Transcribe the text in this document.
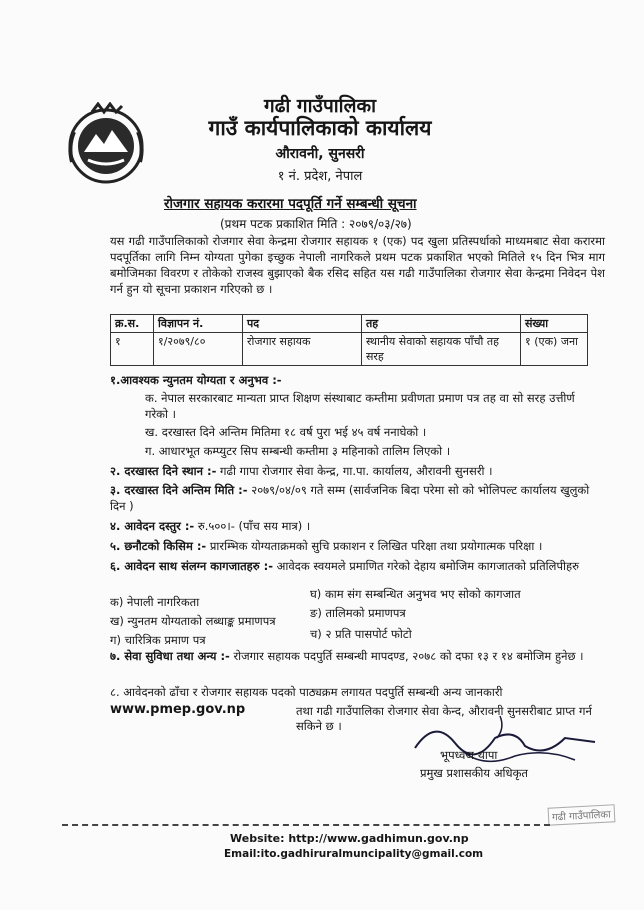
गढी गाउँपालिका
गाउँ कार्यपालिकाको कार्यालय
औरावनी, सुनसरी
१ नं. प्रदेश, नेपाल
रोजगार सहायक करारमा पदपूर्ति गर्ने सम्बन्धी सूचना
(प्रथम पटक प्रकाशित मिति : २०७९/०३/२७)
यस गढी गाउँपालिकाको रोजगार सेवा केन्द्रमा रोजगार सहायक १ (एक) पद खुला प्रतिस्पर्धाको माध्यमबाट सेवा करारमा पदपूर्तिका लागि निम्न योग्यता पुगेका इच्छुक नेपाली नागरिकले प्रथम पटक प्रकाशित भएको मितिले १५ दिन भित्र माग बमोजिमका विवरण र तोकेको राजस्व बुझाएको बैक रसिद सहित यस गढी गाउँपालिका रोजगार सेवा केन्द्रमा निवेदन पेश गर्न हुन यो सूचना प्रकाशन गरिएको छ ।
क्र.स.	विज्ञापन नं.	पद	तह	संख्या
१	१/२०७९/८०	रोजगार सहायक	स्थानीय सेवाको सहायक पाँचौ तह सरह	१ (एक) जना
१.आवश्यक न्युनतम योग्यता र अनुभव :-
क. नेपाल सरकारबाट मान्यता प्राप्त शिक्षण संस्थाबाट कम्तीमा प्रवीणता प्रमाण पत्र तह वा सो सरह उत्तीर्ण गरेको ।
ख. दरखास्त दिने अन्तिम मितिमा १८ वर्ष पुरा भई ४५ वर्ष ननाघेको ।
ग. आधारभूत कम्प्युटर सिप सम्बन्धी कम्तीमा ३ महिनाको तालिम लिएको ।
२. दरखास्त दिने स्थान :- गढी गापा रोजगार सेवा केन्द्र, गा.पा. कार्यालय, औरावनी सुनसरी ।
३. दरखास्त दिने अन्तिम मिति :- २०७९/०४/०९ गते सम्म (सार्वजनिक बिदा परेमा सो को भोलिपल्ट कार्यालय खुलुको दिन )
४. आवेदन दस्तुर :- रु.५००।- (पाँच सय मात्र) ।
५. छनौटको किसिम :- प्रारम्भिक योग्यताक्रमको सुचि प्रकाशन र लिखित परिक्षा तथा प्रयोगात्मक परिक्षा ।
६. आवेदन साथ संलग्न कागजातहरु :- आवेदक स्वयमले प्रमाणित गरेको देहाय बमोजिम कागजातको प्रतिलिपीहरु
क) नेपाली नागरिकता
ख) न्युनतम योग्यताको लब्धाङ्क प्रमाणपत्र
ग) चारित्रिक प्रमाण पत्र
घ) काम संग सम्बन्धित अनुभव भए सोको कागजात
ङ) तालिमको प्रमाणपत्र
च) २ प्रति पासपोर्ट फोटो
७. सेवा सुविधा तथा अन्य :- रोजगार सहायक पदपुर्ति सम्बन्धी मापदण्ड, २०७८ को दफा १३ र १४ बमोजिम हुनेछ ।
८. आवेदनको ढाँचा र रोजगार सहायक पदको पाठ्यक्रम लगायत पदपुर्ति सम्बन्धी अन्य जानकारी
www.pmep.gov.np	तथा गढी गाउँपालिका रोजगार सेवा केन्द, औरावनी सुनसरीबाट प्राप्त गर्न सकिने छ ।
भूपध्वज थापा
प्रमुख प्रशासकीय अधिकृत
गढी गाउँपालिका
Website: http://www.gadhimun.gov.np
Email:ito.gadhiruralmuncipality@gmail.com
